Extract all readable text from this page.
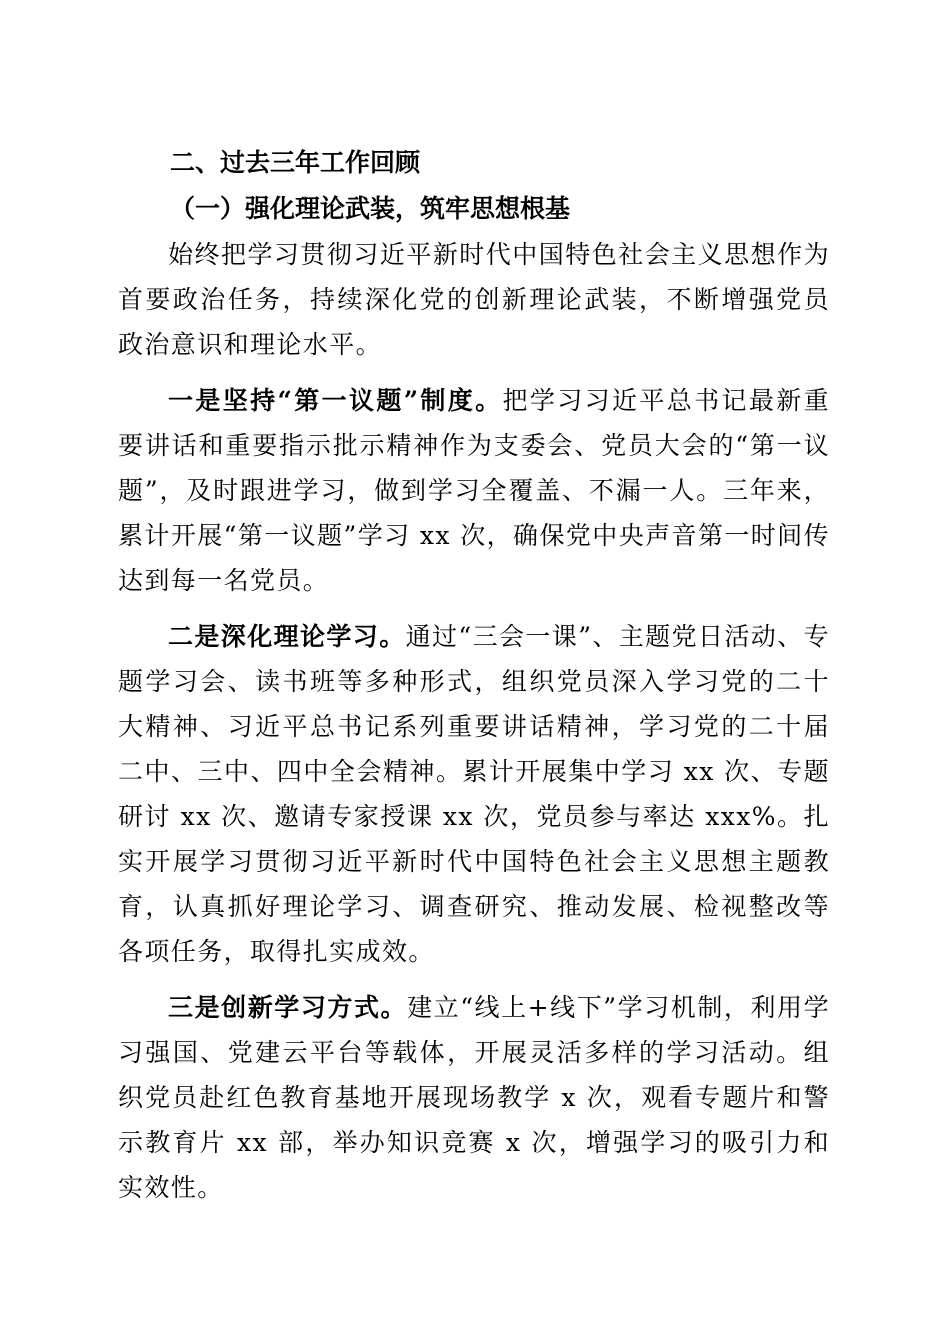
二、过去三年工作回顾
（一）强化理论武装，筑牢思想根基

始终把学习贯彻习近平新时代中国特色社会主义思想作为首要政治任务，持续深化党的创新理论武装，不断增强党员政治意识和理论水平。

一是坚持“第一议题”制度。把学习习近平总书记最新重要讲话和重要指示批示精神作为支委会、党员大会的“第一议题”，及时跟进学习，做到学习全覆盖、不漏一人。三年来，累计开展“第一议题”学习 xx 次，确保党中央声音第一时间传达到每一名党员。

二是深化理论学习。通过“三会一课”、主题党日活动、专题学习会、读书班等多种形式，组织党员深入学习党的二十大精神、习近平总书记系列重要讲话精神，学习党的二十届二中、三中、四中全会精神。累计开展集中学习 xx 次、专题研讨 xx 次、邀请专家授课 xx 次，党员参与率达 xxx%。扎实开展学习贯彻习近平新时代中国特色社会主义思想主题教育，认真抓好理论学习、调查研究、推动发展、检视整改等各项任务，取得扎实成效。

三是创新学习方式。建立“线上+线下”学习机制，利用学习强国、党建云平台等载体，开展灵活多样的学习活动。组织党员赴红色教育基地开展现场教学 x 次，观看专题片和警示教育片 xx 部，举办知识竞赛 x 次，增强学习的吸引力和实效性。
